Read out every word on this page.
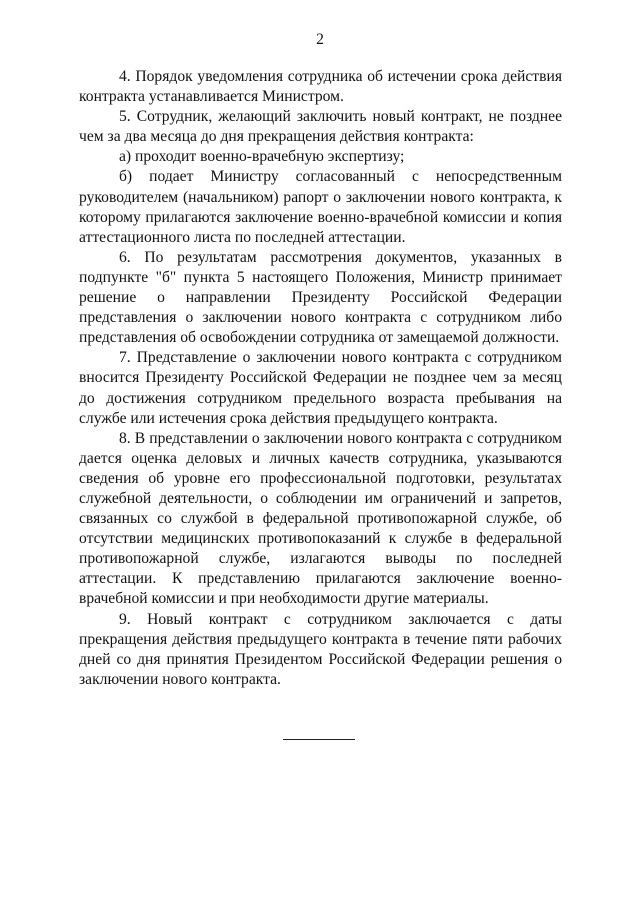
2

4. Порядок уведомления сотрудника об истечении срока действия контракта устанавливается Министром.

5. Сотрудник, желающий заключить новый контракт, не позднее чем за два месяца до дня прекращения действия контракта:

а) проходит военно-врачебную экспертизу;

б) подает Министру согласованный с непосредственным руководителем (начальником) рапорт о заключении нового контракта, к которому прилагаются заключение военно-врачебной комиссии и копия аттестационного листа по последней аттестации.

6. По результатам рассмотрения документов, указанных в подпункте "б" пункта 5 настоящего Положения, Министр принимает решение о направлении Президенту Российской Федерации представления о заключении нового контракта с сотрудником либо представления об освобождении сотрудника от замещаемой должности.

7. Представление о заключении нового контракта с сотрудником вносится Президенту Российской Федерации не позднее чем за месяц до достижения сотрудником предельного возраста пребывания на службе или истечения срока действия предыдущего контракта.

8. В представлении о заключении нового контракта с сотрудником дается оценка деловых и личных качеств сотрудника, указываются сведения об уровне его профессиональной подготовки, результатах служебной деятельности, о соблюдении им ограничений и запретов, связанных со службой в федеральной противопожарной службе, об отсутствии медицинских противопоказаний к службе в федеральной противопожарной службе, излагаются выводы по последней аттестации. К представлению прилагаются заключение военно-врачебной комиссии и при необходимости другие материалы.

9. Новый контракт с сотрудником заключается с даты прекращения действия предыдущего контракта в течение пяти рабочих дней со дня принятия Президентом Российской Федерации решения о заключении нового контракта.
